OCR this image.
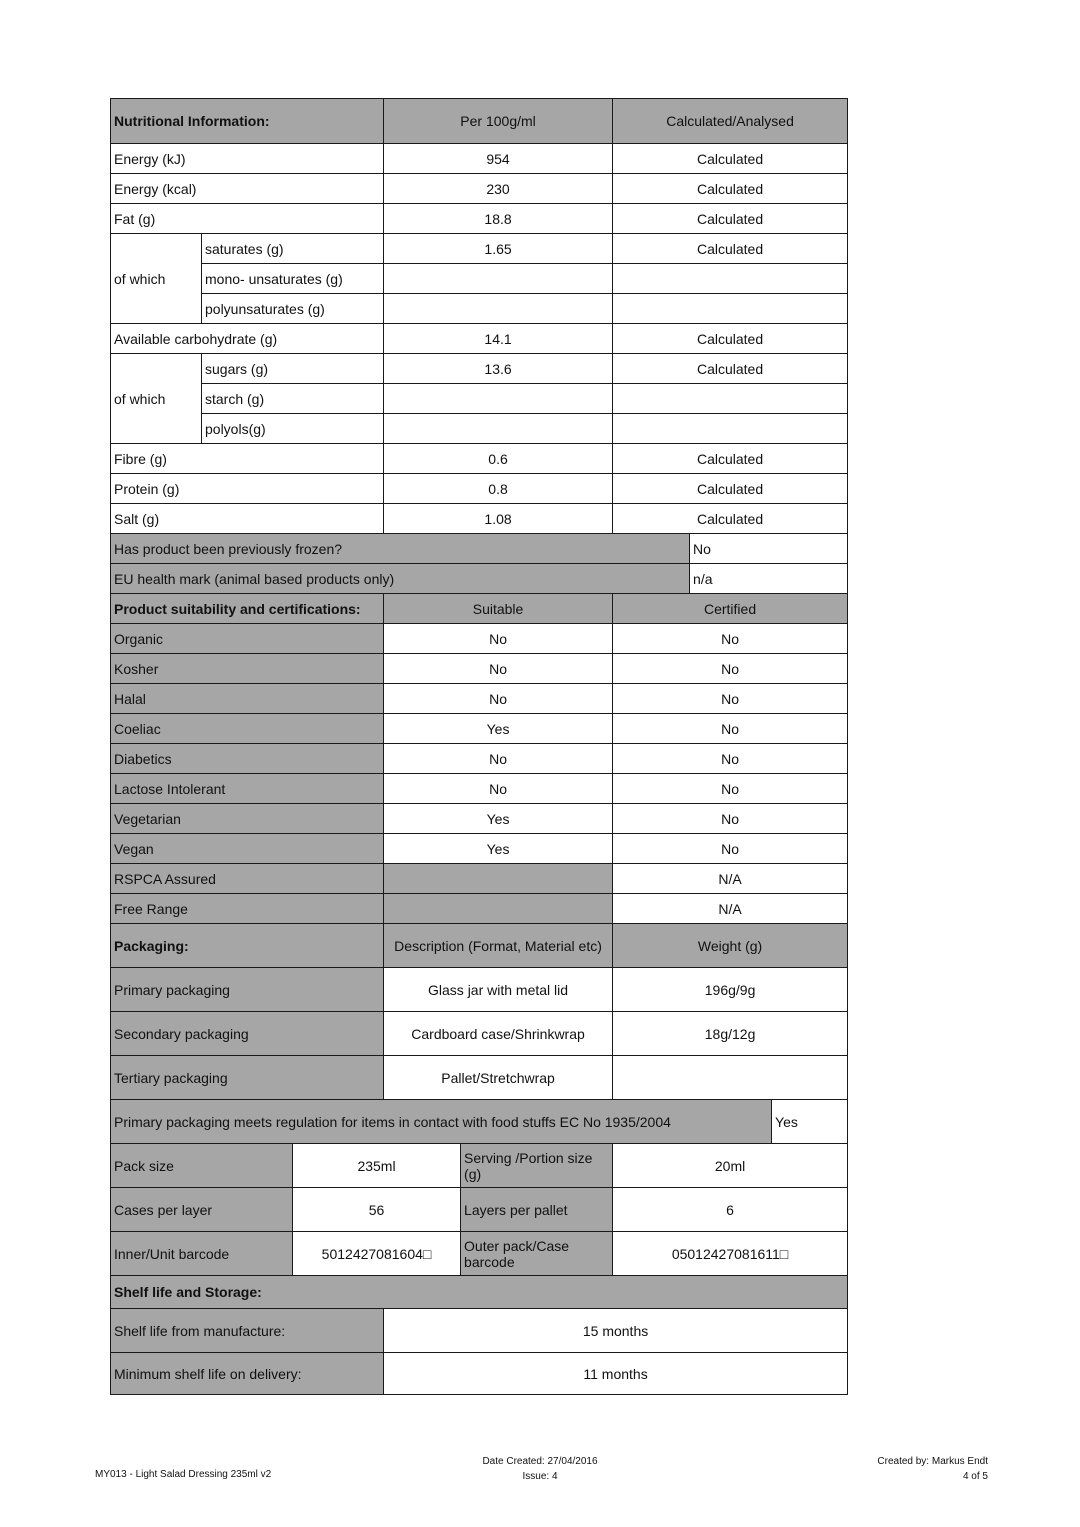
Nutritional Information:			Per 100g/ml		Calculated/Analysed		
Energy (kJ)			954		Calculated		
Energy (kcal)			230		Calculated		
Fat (g)			18.8		Calculated		
of which	saturates (g)		1.65		Calculated		
	mono- unsaturates (g)						
	polyunsaturates (g)						
Available carbohydrate (g)			14.1		Calculated		
of which	sugars (g)		13.6		Calculated		
	starch (g)						
	polyols(g)						
Fibre (g)			0.6		Calculated		
Protein (g)			0.8		Calculated		
Salt (g)			1.08		Calculated		
Has product been previously frozen?						No	
EU health mark (animal based products only)						n/a	
Product suitability and certifications:			Suitable		Certified		
Organic			No		No		
Kosher			No		No		
Halal			No		No		
Coeliac			Yes		No		
Diabetics			No		No		
Lactose Intolerant			No		No		
Vegetarian			Yes		No		
Vegan			Yes		No		
RSPCA Assured					N/A		
Free Range					N/A		
Packaging:			Description (Format, Material etc)		Weight (g)		
Primary packaging			Glass jar with metal lid		196g/9g		
Secondary packaging			Cardboard case/Shrinkwrap		18g/12g		
Tertiary packaging			Pallet/Stretchwrap				
Primary packaging meets regulation for items in contact with food stuffs EC No 1935/2004							Yes
Pack size		235ml		Serving /Portion size (g)	20ml		
Cases per layer		56		Layers per pallet	6		
Inner/Unit barcode		5012427081604□		Outer pack/Case barcode	05012427081611□		
Shelf life and Storage:							
Shelf life from manufacture:			15 months				
Minimum shelf life on delivery:			11 months				
MY013 - Light Salad Dressing 235ml v2
Date Created: 27/04/2016
Issue: 4
Created by: Markus Endt
4 of 5
